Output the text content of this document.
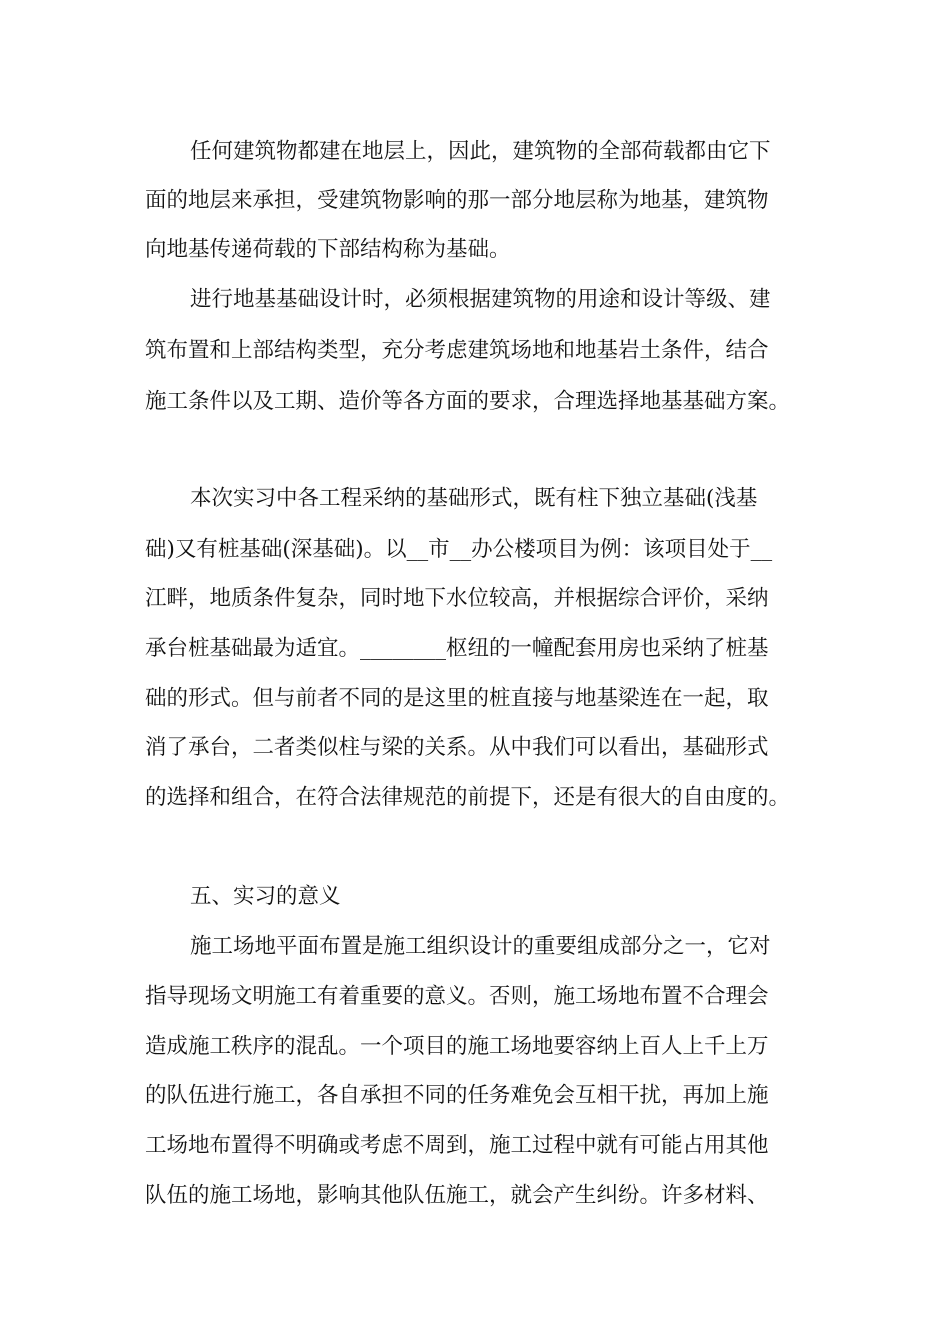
任何建筑物都建在地层上，因此，建筑物的全部荷载都由它下

面的地层来承担，受建筑物影响的那一部分地层称为地基，建筑物

向地基传递荷载的下部结构称为基础。

进行地基基础设计时，必须根据建筑物的用途和设计等级、建

筑布置和上部结构类型，充分考虑建筑场地和地基岩土条件，结合

施工条件以及工期、造价等各方面的要求，合理选择地基基础方案。

本次实习中各工程采纳的基础形式，既有柱下独立基础(浅基

础)又有桩基础(深基础)。以__市__办公楼项目为例：该项目处于__

江畔，地质条件复杂，同时地下水位较高，并根据综合评价，采纳

承台桩基础最为适宜。________枢纽的一幢配套用房也采纳了桩基

础的形式。但与前者不同的是这里的桩直接与地基梁连在一起，取

消了承台，二者类似柱与梁的关系。从中我们可以看出，基础形式

的选择和组合，在符合法律规范的前提下，还是有很大的自由度的。

五、实习的意义

施工场地平面布置是施工组织设计的重要组成部分之一，它对

指导现场文明施工有着重要的意义。否则，施工场地布置不合理会

造成施工秩序的混乱。一个项目的施工场地要容纳上百人上千上万

的队伍进行施工，各自承担不同的任务难免会互相干扰，再加上施

工场地布置得不明确或考虑不周到，施工过程中就有可能占用其他

队伍的施工场地，影响其他队伍施工，就会产生纠纷。许多材料、
